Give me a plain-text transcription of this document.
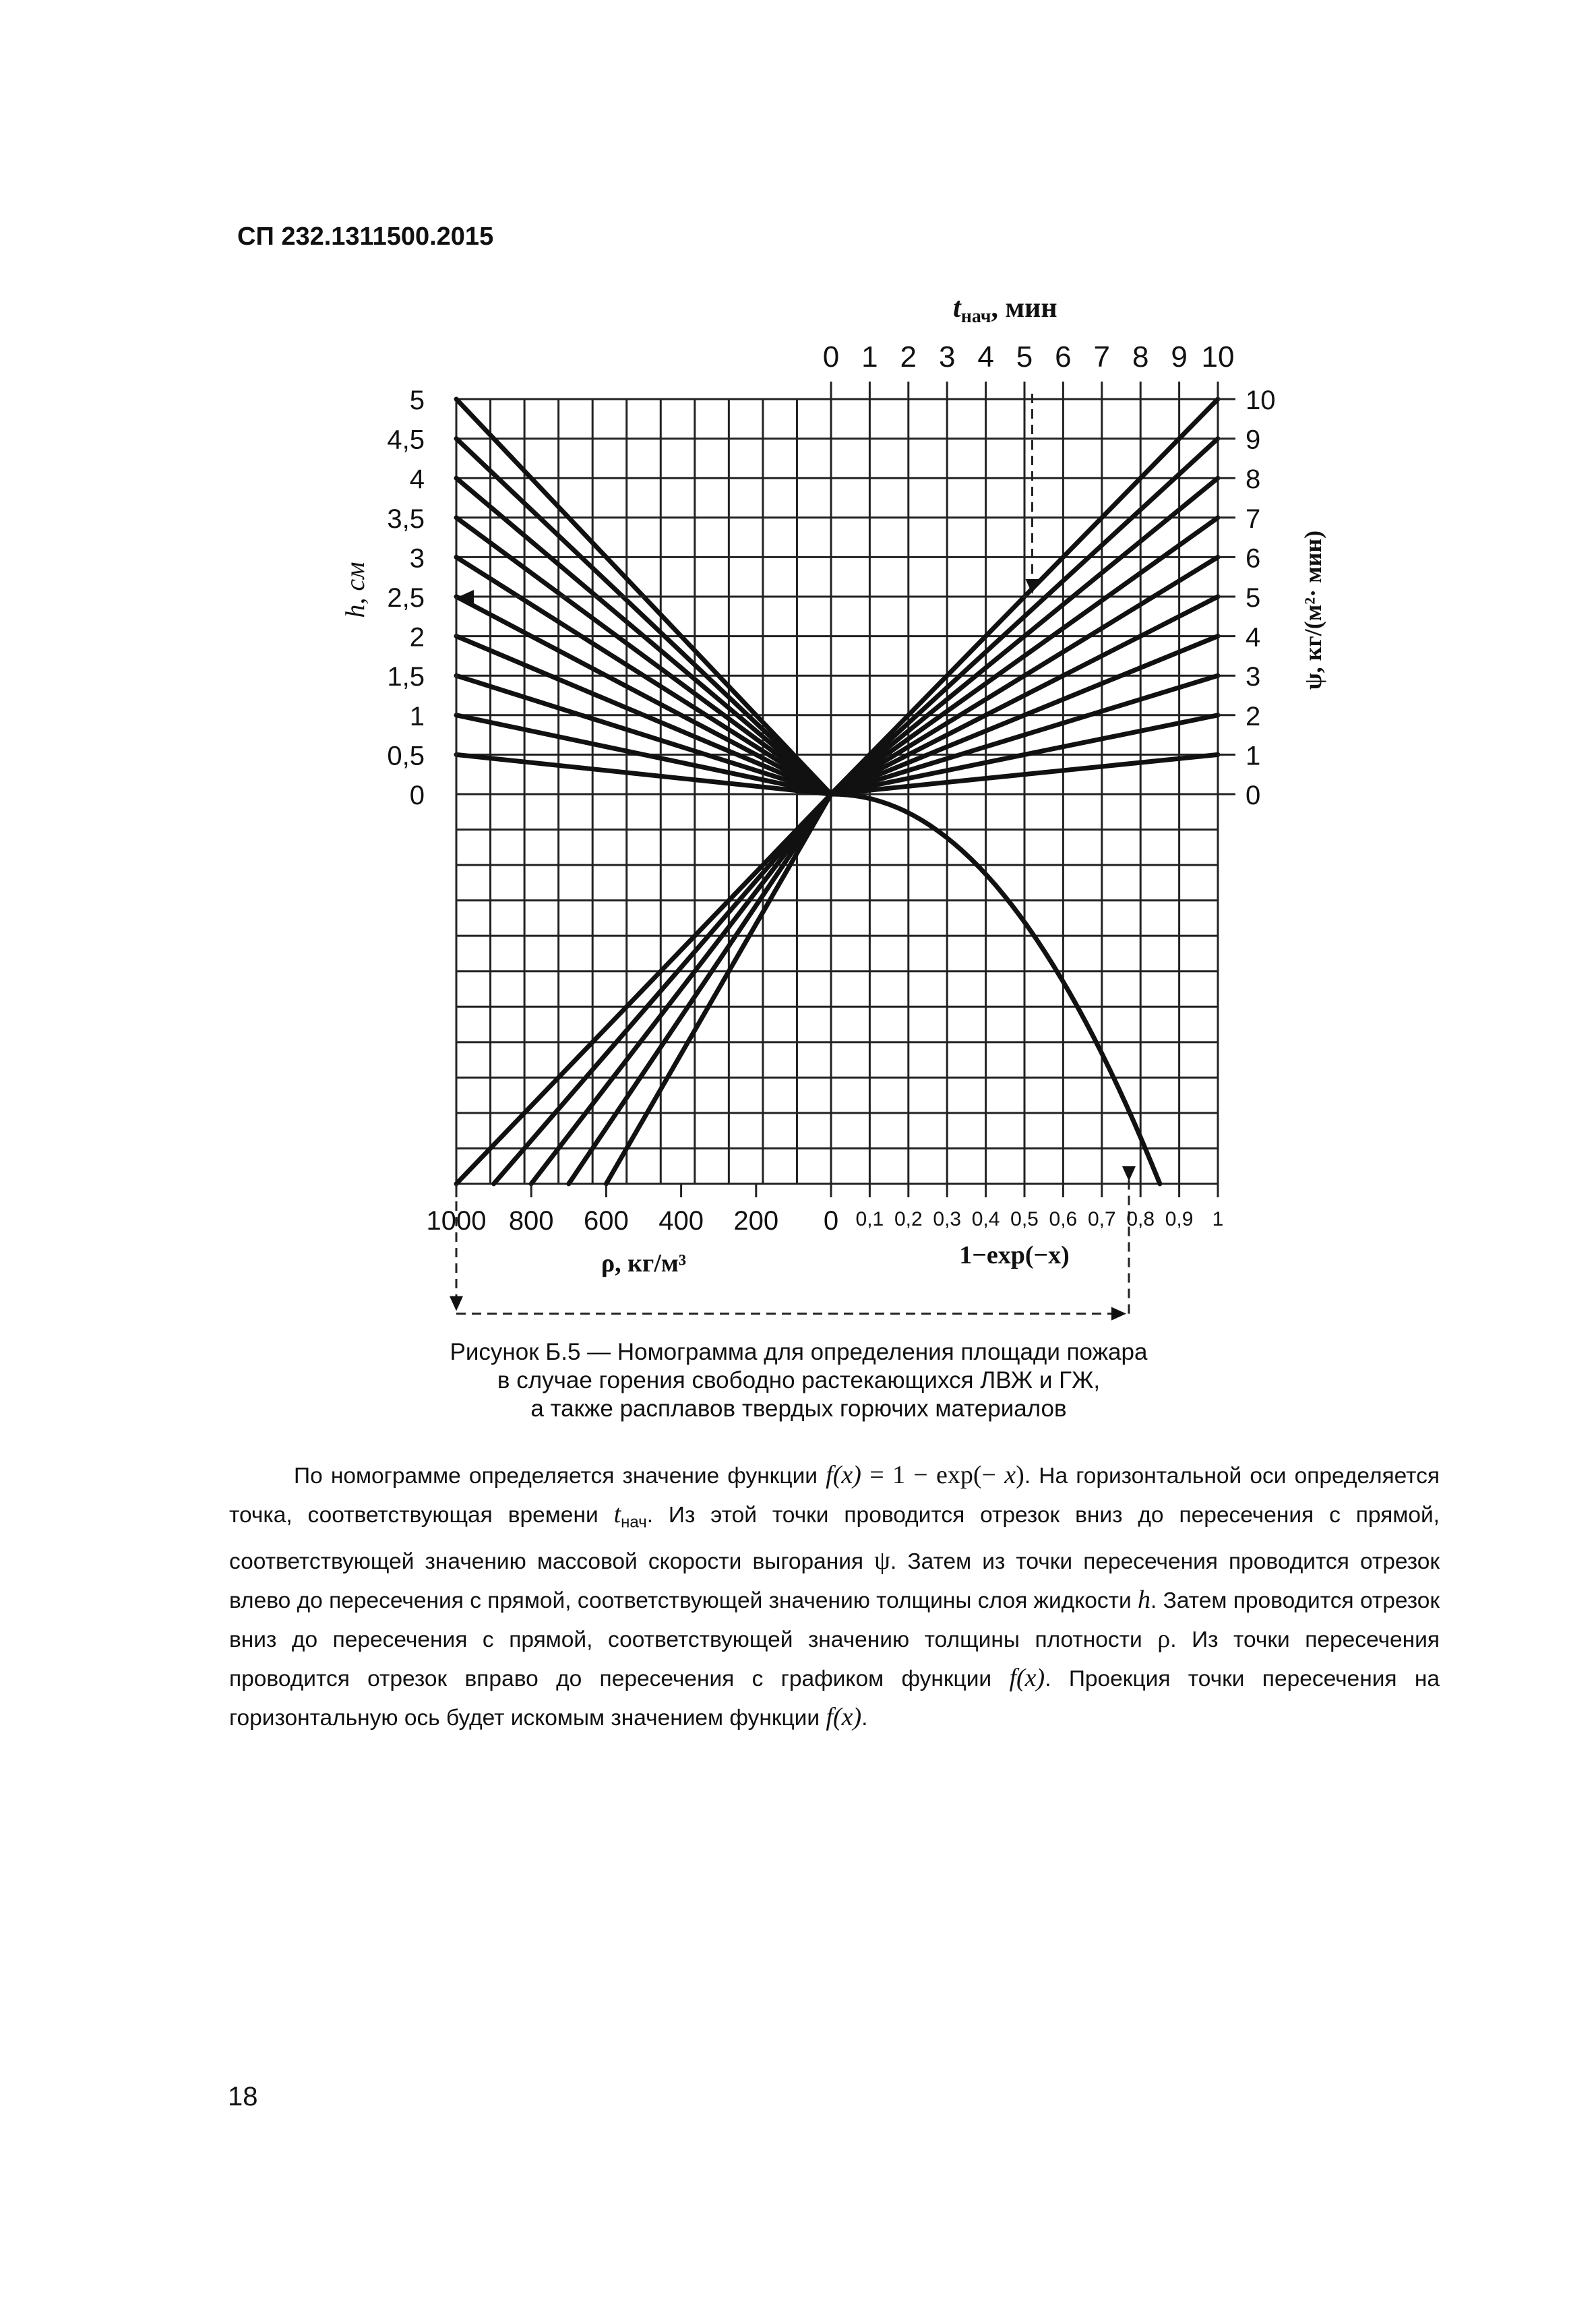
СП 232.1311500.2015
0 1 2 3 4 5 6 7 8 9 10
tнач, мин
5
4,5
4
3,5
3
2,5
2
1,5
1
0,5
0
h, см
10
9
8
7
6
5
4
3
2
1
0
ψ, кг/(м²· мин)
1000 800 600 400 200 0
ρ, кг/м³
0,1 0,2 0,3 0,4 0,5 0,6 0,7 0,8 0,9 1
1−exp(−x)
Рисунок Б.5 — Номограмма для определения площади пожара
в случае горения свободно растекающихся ЛВЖ и ГЖ,
а также расплавов твердых горючих материалов

По номограмме определяется значение функции f(x) = 1 − exp(− x). На горизонтальной оси определяется точка, соответствующая времени $t_{нач}$. Из этой точки проводится отрезок вниз до пересечения с прямой, соответствующей значению массовой скорости выгорания ψ. Затем из точки пересечения проводится отрезок влево до пересечения с прямой, соответствующей значению толщины слоя жидкости h. Затем проводится отрезок вниз до пересечения с прямой, соответствующей значению толщины плотности ρ. Из точки пересечения проводится отрезок вправо до пересечения с графиком функции f(x). Проекция точки пересечения на горизонтальную ось будет искомым значением функции f(x).

18
